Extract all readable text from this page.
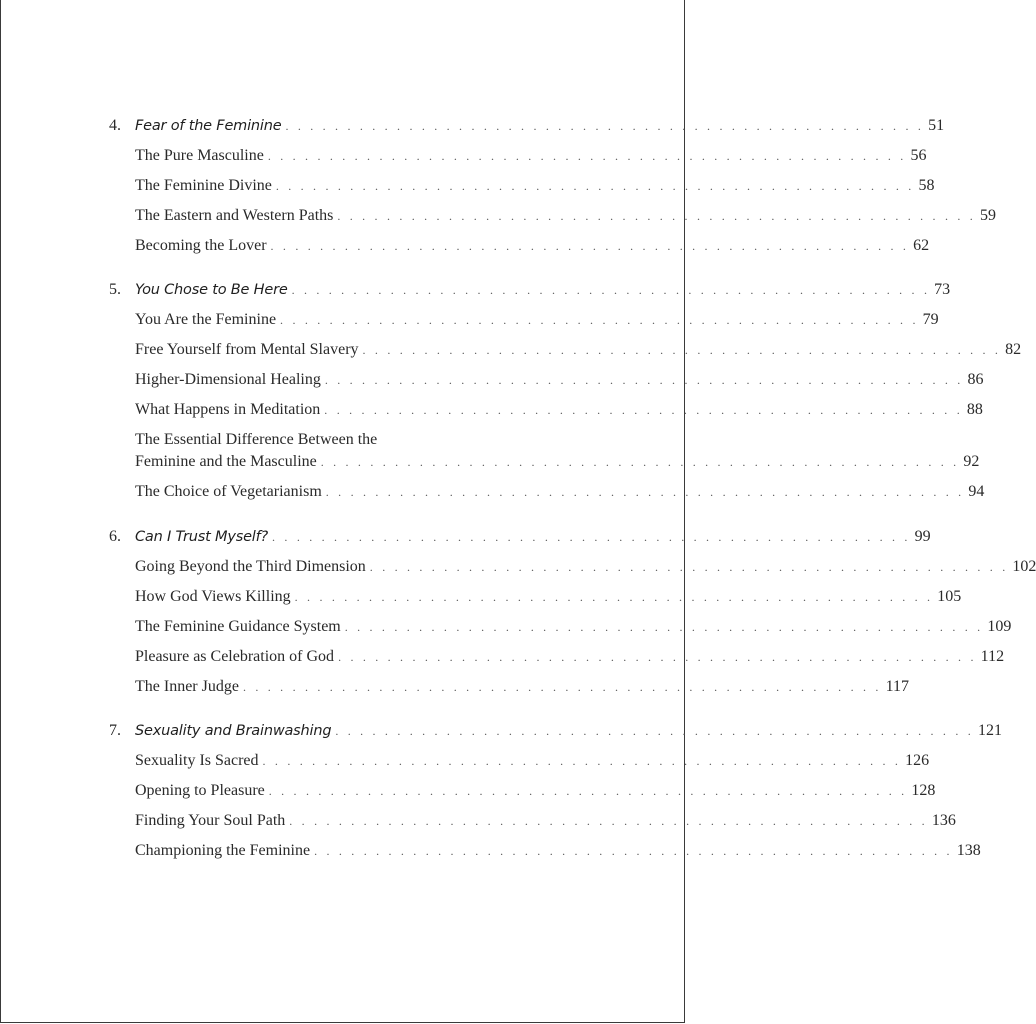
4. Fear of the Feminine . . . . . . . . . . . . . . . . . . . . . . . . . . . . . . . . . . . . . . . . . . . . . . . . . . . . 51
The Pure Masculine . . . . . . . . . . . . . . . . . . . . . . . . . . . . . . . . . . . . . . . . . . . . . . . . . . . . 56
The Feminine Divine . . . . . . . . . . . . . . . . . . . . . . . . . . . . . . . . . . . . . . . . . . . . . . . . . . . . 58
The Eastern and Western Paths . . . . . . . . . . . . . . . . . . . . . . . . . . . . . . . . . . . . . . . . . . . . . . . . . . . . 59
Becoming the Lover . . . . . . . . . . . . . . . . . . . . . . . . . . . . . . . . . . . . . . . . . . . . . . . . . . . . 62
5. You Chose to Be Here . . . . . . . . . . . . . . . . . . . . . . . . . . . . . . . . . . . . . . . . . . . . . . . . . . . . 73
You Are the Feminine . . . . . . . . . . . . . . . . . . . . . . . . . . . . . . . . . . . . . . . . . . . . . . . . . . . . 79
Free Yourself from Mental Slavery . . . . . . . . . . . . . . . . . . . . . . . . . . . . . . . . . . . . . . . . . . . . . . . . . . . . 82
Higher-Dimensional Healing . . . . . . . . . . . . . . . . . . . . . . . . . . . . . . . . . . . . . . . . . . . . . . . . . . . . 86
What Happens in Meditation . . . . . . . . . . . . . . . . . . . . . . . . . . . . . . . . . . . . . . . . . . . . . . . . . . . . 88
The Essential Difference Between the
Feminine and the Masculine . . . . . . . . . . . . . . . . . . . . . . . . . . . . . . . . . . . . . . . . . . . . . . . . . . . . 92
The Choice of Vegetarianism . . . . . . . . . . . . . . . . . . . . . . . . . . . . . . . . . . . . . . . . . . . . . . . . . . . . 94
6. Can I Trust Myself? . . . . . . . . . . . . . . . . . . . . . . . . . . . . . . . . . . . . . . . . . . . . . . . . . . . . 99
Going Beyond the Third Dimension . . . . . . . . . . . . . . . . . . . . . . . . . . . . . . . . . . . . . . . . . . . . . . . . . . . . 102
How God Views Killing . . . . . . . . . . . . . . . . . . . . . . . . . . . . . . . . . . . . . . . . . . . . . . . . . . . . 105
The Feminine Guidance System . . . . . . . . . . . . . . . . . . . . . . . . . . . . . . . . . . . . . . . . . . . . . . . . . . . . 109
Pleasure as Celebration of God . . . . . . . . . . . . . . . . . . . . . . . . . . . . . . . . . . . . . . . . . . . . . . . . . . . . 112
The Inner Judge . . . . . . . . . . . . . . . . . . . . . . . . . . . . . . . . . . . . . . . . . . . . . . . . . . . . 117
7. Sexuality and Brainwashing . . . . . . . . . . . . . . . . . . . . . . . . . . . . . . . . . . . . . . . . . . . . . . . . . . . . 121
Sexuality Is Sacred . . . . . . . . . . . . . . . . . . . . . . . . . . . . . . . . . . . . . . . . . . . . . . . . . . . . 126
Opening to Pleasure . . . . . . . . . . . . . . . . . . . . . . . . . . . . . . . . . . . . . . . . . . . . . . . . . . . . 128
Finding Your Soul Path . . . . . . . . . . . . . . . . . . . . . . . . . . . . . . . . . . . . . . . . . . . . . . . . . . . . 136
Championing the Feminine . . . . . . . . . . . . . . . . . . . . . . . . . . . . . . . . . . . . . . . . . . . . . . . . . . . . 138
